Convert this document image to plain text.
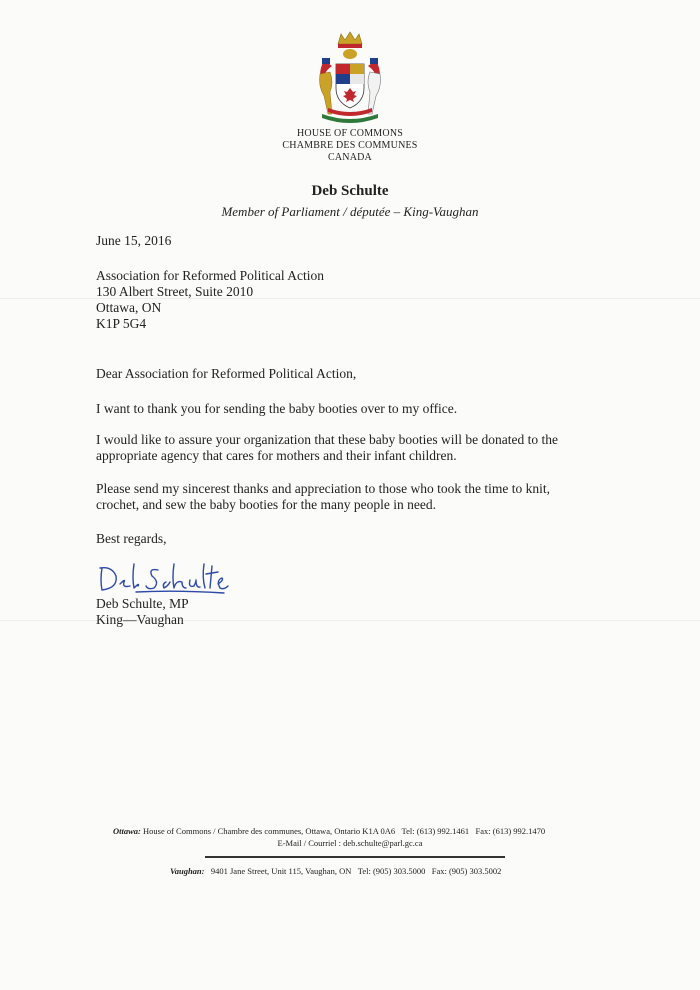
HOUSE OF COMMONS
CHAMBRE DES COMMUNES
CANADA
Deb Schulte
Member of Parliament / députée – King-Vaughan
June 15, 2016
Association for Reformed Political Action
130 Albert Street, Suite 2010
Ottawa, ON
K1P 5G4
Dear Association for Reformed Political Action,
I want to thank you for sending the baby booties over to my office.
I would like to assure your organization that these baby booties will be donated to the
appropriate agency that cares for mothers and their infant children.
Please send my sincerest thanks and appreciation to those who took the time to knit,
crochet, and sew the baby booties for the many people in need.
Best regards,
Deb Schulte, MP
King—Vaughan
Ottawa: House of Commons / Chambre des communes, Ottawa, Ontario K1A 0A6 Tel: (613) 992.1461 Fax: (613) 992.1470
E-Mail / Courriel : deb.schulte@parl.gc.ca
Vaughan: 9401 Jane Street, Unit 115, Vaughan, ON Tel: (905) 303.5000 Fax: (905) 303.5002
